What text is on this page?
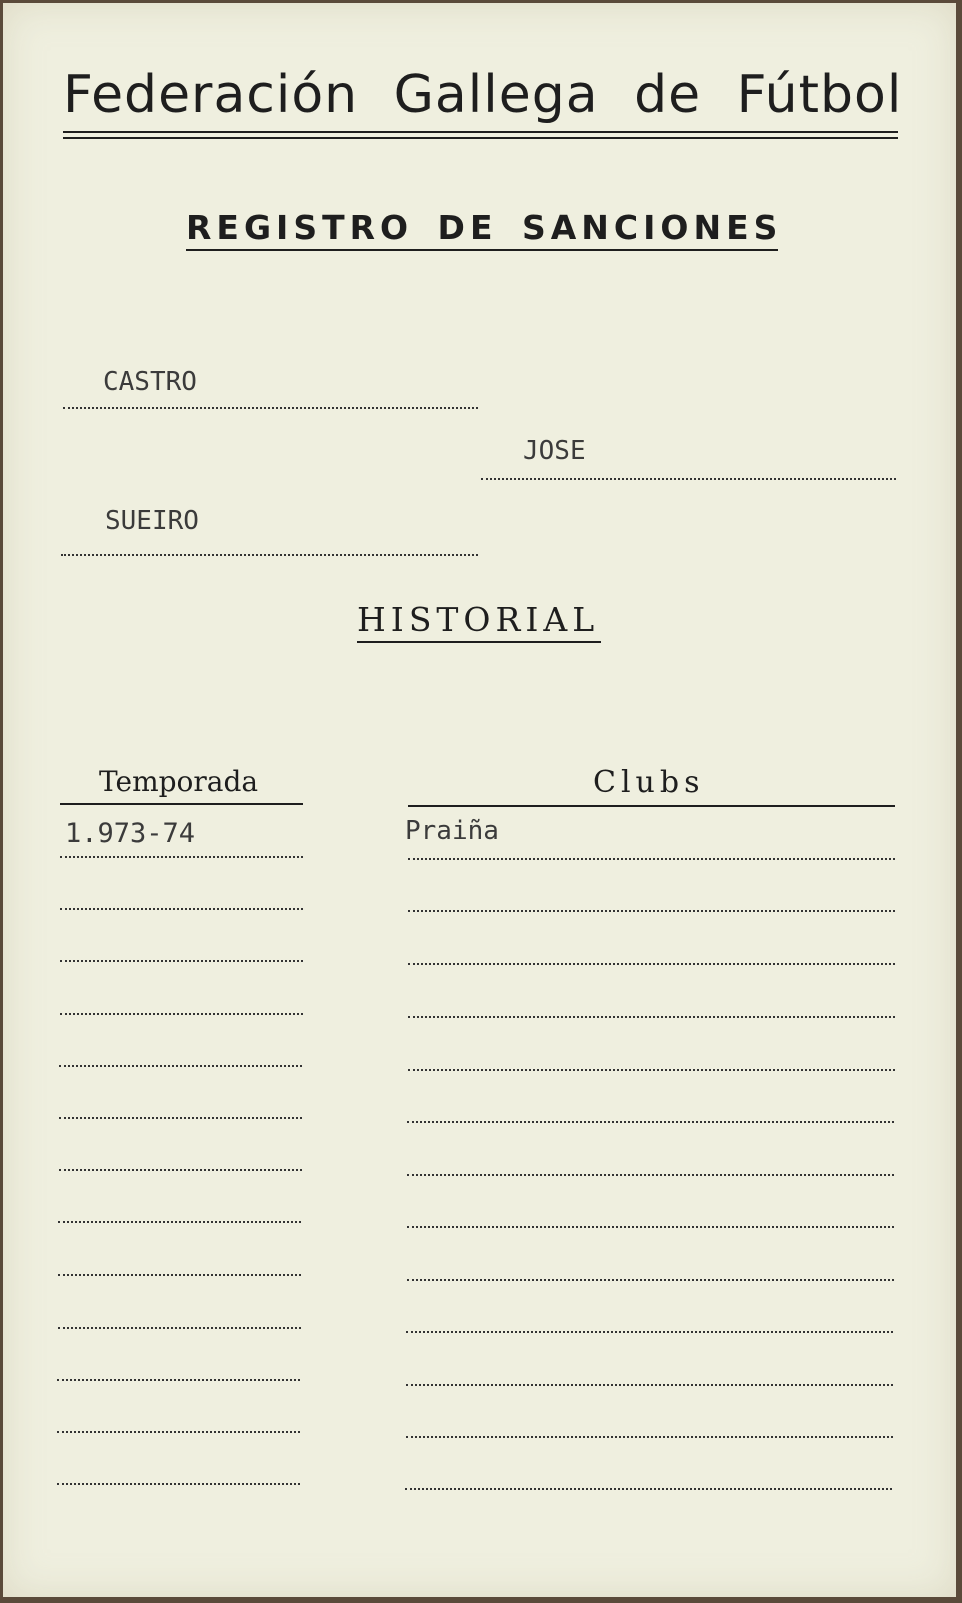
Federación Gallega de Fútbol
REGISTRO DE SANCIONES
CASTRO
JOSE
SUEIRO
HISTORIAL
Temporada	Clubs
1.973-74	Praiña
